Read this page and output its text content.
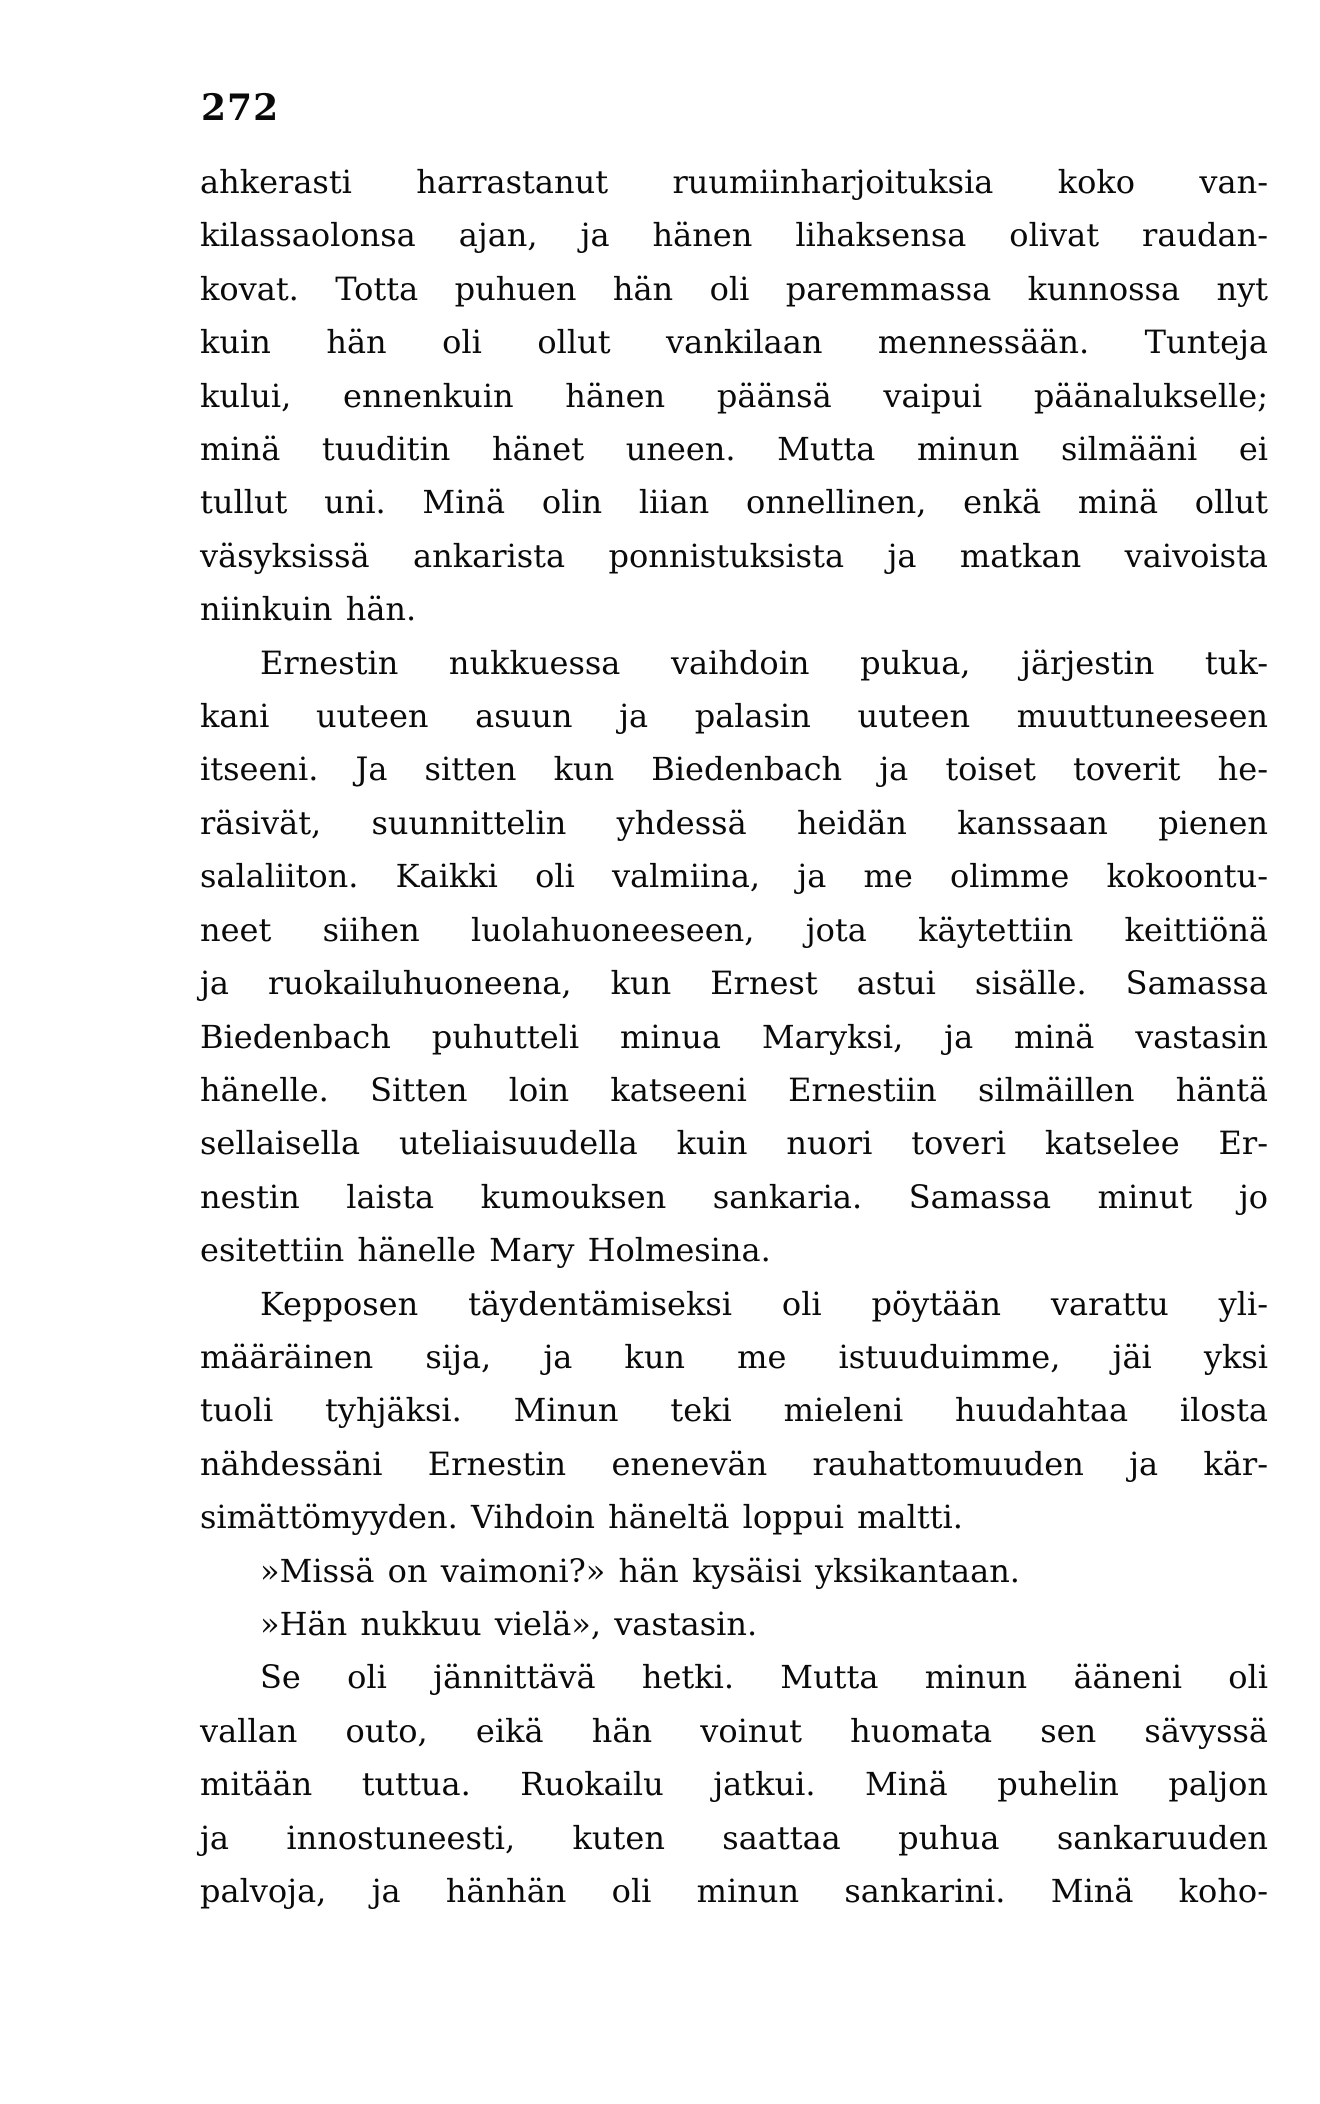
272
ahkerasti harrastanut ruumiinharjoituksia koko van-
kilassaolonsa ajan, ja hänen lihaksensa olivat raudan-
kovat. Totta puhuen hän oli paremmassa kunnossa nyt
kuin hän oli ollut vankilaan mennessään. Tunteja
kului, ennenkuin hänen päänsä vaipui päänalukselle;
minä tuuditin hänet uneen. Mutta minun silmääni ei
tullut uni. Minä olin liian onnellinen, enkä minä ollut
väsyksissä ankarista ponnistuksista ja matkan vaivoista
niinkuin hän.
Ernestin nukkuessa vaihdoin pukua, järjestin tuk-
kani uuteen asuun ja palasin uuteen muuttuneeseen
itseeni. Ja sitten kun Biedenbach ja toiset toverit he-
räsivät, suunnittelin yhdessä heidän kanssaan pienen
salaliiton. Kaikki oli valmiina, ja me olimme kokoontu-
neet siihen luolahuoneeseen, jota käytettiin keittiönä
ja ruokailuhuoneena, kun Ernest astui sisälle. Samassa
Biedenbach puhutteli minua Maryksi, ja minä vastasin
hänelle. Sitten loin katseeni Ernestiin silmäillen häntä
sellaisella uteliaisuudella kuin nuori toveri katselee Er-
nestin laista kumouksen sankaria. Samassa minut jo
esitettiin hänelle Mary Holmesina.
Kepposen täydentämiseksi oli pöytään varattu yli-
määräinen sija, ja kun me istuuduimme, jäi yksi
tuoli tyhjäksi. Minun teki mieleni huudahtaa ilosta
nähdessäni Ernestin enenevän rauhattomuuden ja kär-
simättömyyden. Vihdoin häneltä loppui maltti.
»Missä on vaimoni?» hän kysäisi yksikantaan.
»Hän nukkuu vielä», vastasin.
Se oli jännittävä hetki. Mutta minun ääneni oli
vallan outo, eikä hän voinut huomata sen sävyssä
mitään tuttua. Ruokailu jatkui. Minä puhelin paljon
ja innostuneesti, kuten saattaa puhua sankaruuden
palvoja, ja hänhän oli minun sankarini. Minä koho-
